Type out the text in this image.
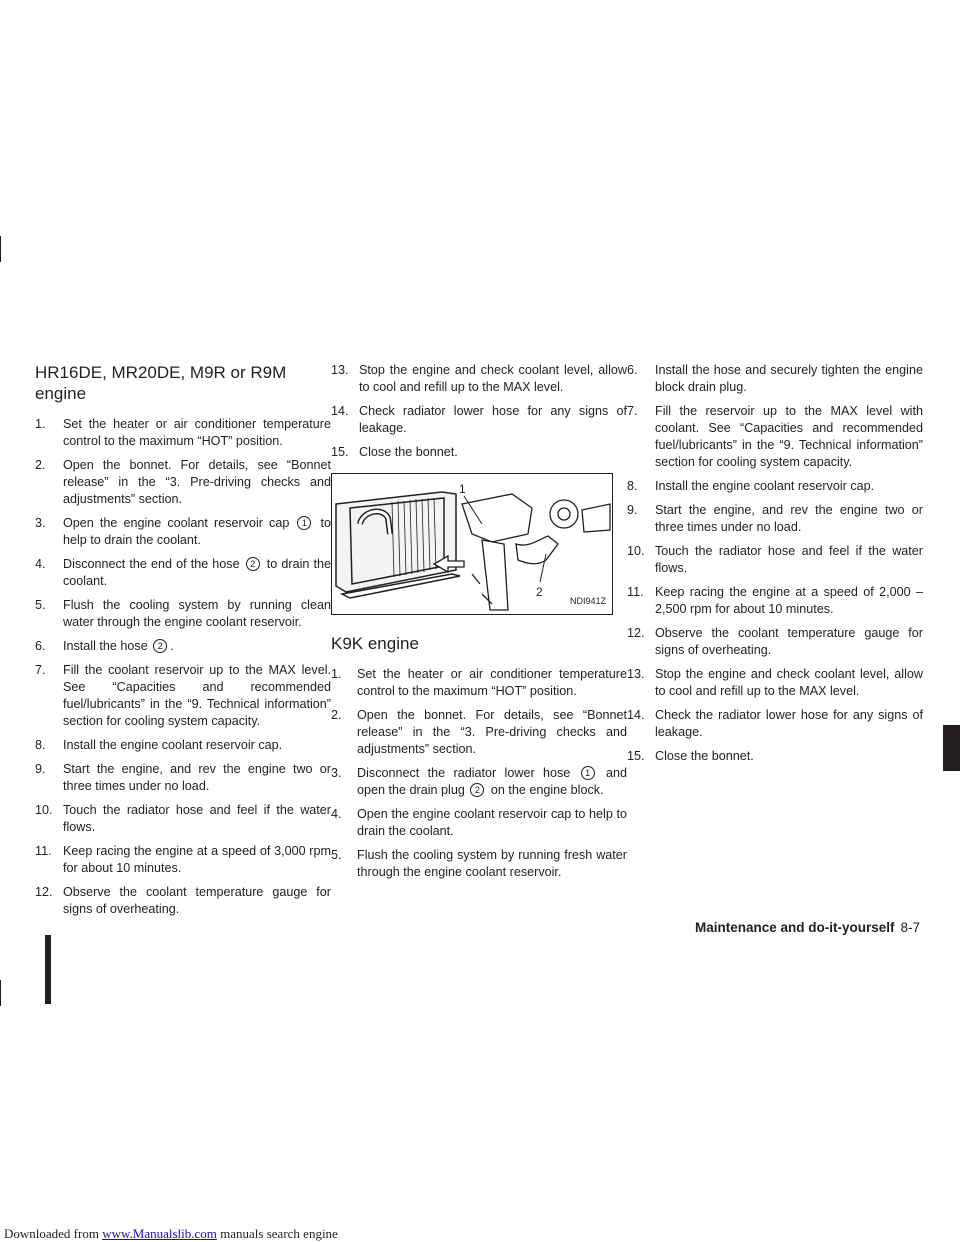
HR16DE, MR20DE, M9R or R9M engine
1. Set the heater or air conditioner temperature control to the maximum “HOT” position.
2. Open the bonnet. For details, see “Bonnet release” in the “3. Pre-driving checks and adjustments” section.
3. Open the engine coolant reservoir cap 1 to help to drain the coolant.
4. Disconnect the end of the hose 2 to drain the coolant.
5. Flush the cooling system by running clean water through the engine coolant reservoir.
6. Install the hose 2 .
7. Fill the coolant reservoir up to the MAX level. See “Capacities and recommended fuel/lubricants” in the “9. Technical information” section for cooling system capacity.
8. Install the engine coolant reservoir cap.
9. Start the engine, and rev the engine two or three times under no load.
10. Touch the radiator hose and feel if the water flows.
11. Keep racing the engine at a speed of 3,000 rpm for about 10 minutes.
12. Observe the coolant temperature gauge for signs of overheating.
13. Stop the engine and check coolant level, allow to cool and refill up to the MAX level.
14. Check radiator lower hose for any signs of leakage.
15. Close the bonnet.
1
2
NDI941Z
K9K engine
1. Set the heater or air conditioner temperature control to the maximum “HOT” position.
2. Open the bonnet. For details, see “Bonnet release” in the “3. Pre-driving checks and adjustments” section.
3. Disconnect the radiator lower hose 1 and open the drain plug 2 on the engine block.
4. Open the engine coolant reservoir cap to help to drain the coolant.
5. Flush the cooling system by running fresh water through the engine coolant reservoir.
6. Install the hose and securely tighten the engine block drain plug.
7. Fill the reservoir up to the MAX level with coolant. See “Capacities and recommended fuel/lubricants” in the “9. Technical information” section for cooling system capacity.
8. Install the engine coolant reservoir cap.
9. Start the engine, and rev the engine two or three times under no load.
10. Touch the radiator hose and feel if the water flows.
11. Keep racing the engine at a speed of 2,000 – 2,500 rpm for about 10 minutes.
12. Observe the coolant temperature gauge for signs of overheating.
13. Stop the engine and check coolant level, allow to cool and refill up to the MAX level.
14. Check the radiator lower hose for any signs of leakage.
15. Close the bonnet.
Maintenance and do-it-yourself 8-7
Downloaded from www.Manualslib.com manuals search engine
